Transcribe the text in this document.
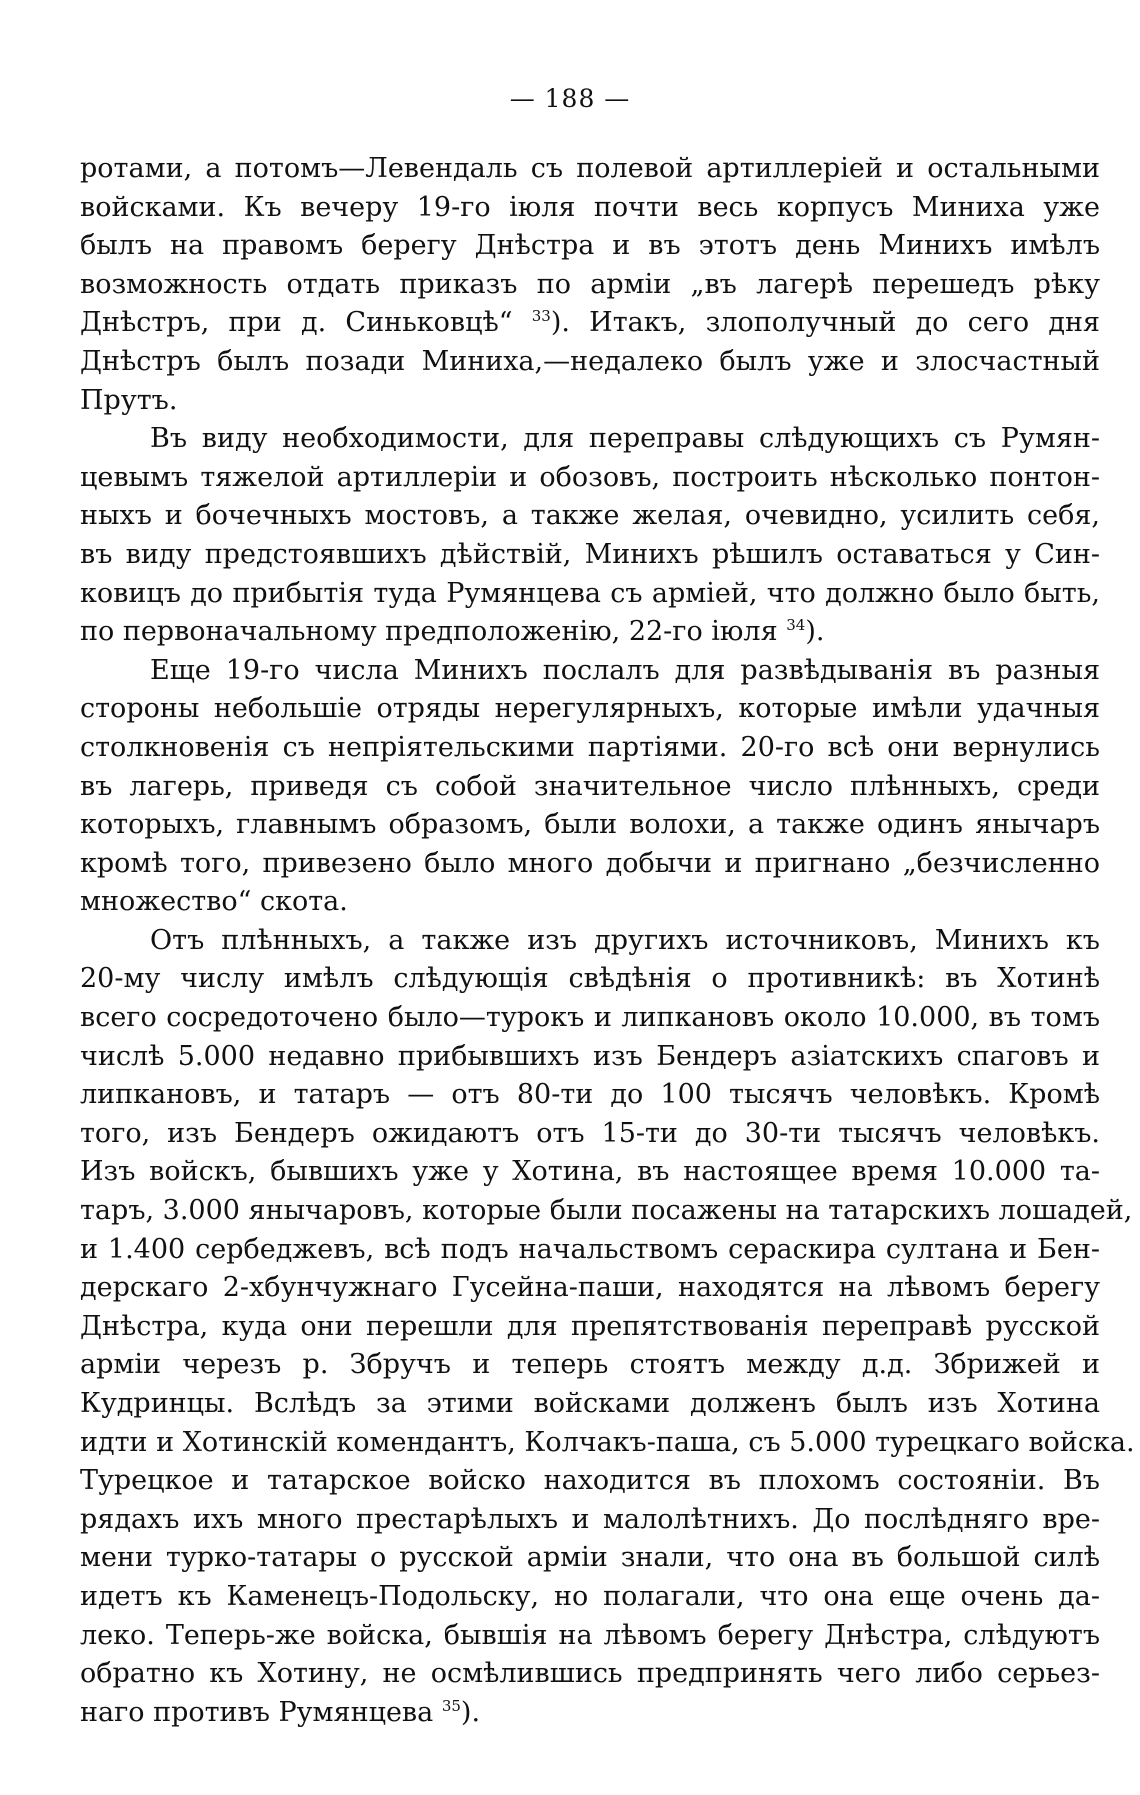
— 188 —
ротами, а потомъ—Левендаль съ полевой артиллеріей и остальными
войсками. Къ вечеру 19-го іюля почти весь корпусъ Миниха уже
былъ на правомъ берегу Днѣстра и въ этотъ день Минихъ имѣлъ
возможность отдать приказъ по арміи „въ лагерѣ перешедъ рѣку
Днѣстръ, при д. Синьковцѣ“ $^{33}$). Итакъ, злополучный до сего дня
Днѣстръ былъ позади Миниха,—недалеко былъ уже и злосчастный
Прутъ.
Въ виду необходимости, для переправы слѣдующихъ съ Румян-
цевымъ тяжелой артиллеріи и обозовъ, построить нѣсколько понтон-
ныхъ и бочечныхъ мостовъ, а также желая, очевидно, усилить себя,
въ виду предстоявшихъ дѣйствій, Минихъ рѣшилъ оставаться у Син-
ковицъ до прибытія туда Румянцева съ арміей, что должно было быть,
по первоначальному предположенію, 22-го іюля $^{34}$).
Еще 19-го числа Минихъ послалъ для развѣдыванія въ разныя
стороны небольшіе отряды нерегулярныхъ, которые имѣли удачныя
столкновенія съ непріятельскими партіями. 20-го всѣ они вернулись
въ лагерь, приведя съ собой значительное число плѣнныхъ, среди
которыхъ, главнымъ образомъ, были волохи, а также одинъ янычаръ
кромѣ того, привезено было много добычи и пригнано „безчисленно
множество“ скота.
Отъ плѣнныхъ, а также изъ другихъ источниковъ, Минихъ къ
20-му числу имѣлъ слѣдующія свѣдѣнія о противникѣ: въ Хотинѣ
всего сосредоточено было—турокъ и липкановъ около 10.000, въ томъ
числѣ 5.000 недавно прибывшихъ изъ Бендеръ азіатскихъ спаговъ и
липкановъ, и татаръ — отъ 80-ти до 100 тысячъ человѣкъ. Кромѣ
того, изъ Бендеръ ожидаютъ отъ 15-ти до 30-ти тысячъ человѣкъ.
Изъ войскъ, бывшихъ уже у Хотина, въ настоящее время 10.000 та-
таръ, 3.000 янычаровъ, которые были посажены на татарскихъ лошадей,
и 1.400 сербеджевъ, всѣ подъ начальствомъ сераскира султана и Бен-
дерскаго 2-хбунчужнаго Гусейна-паши, находятся на лѣвомъ берегу
Днѣстра, куда они перешли для препятствованія переправѣ русской
арміи черезъ р. Збручъ и теперь стоятъ между д.д. Збрижей и
Кудринцы. Вслѣдъ за этими войсками долженъ былъ изъ Хотина
идти и Хотинскій комендантъ, Колчакъ-паша, съ 5.000 турецкаго войска.
Турецкое и татарское войско находится въ плохомъ состояніи. Въ
рядахъ ихъ много престарѣлыхъ и малолѣтнихъ. До послѣдняго вре-
мени турко-татары о русской арміи знали, что она въ большой силѣ
идетъ къ Каменецъ-Подольску, но полагали, что она еще очень да-
леко. Теперь-же войска, бывшія на лѣвомъ берегу Днѣстра, слѣдуютъ
обратно къ Хотину, не осмѣлившись предпринять чего либо серьез-
наго противъ Румянцева $^{35}$).
